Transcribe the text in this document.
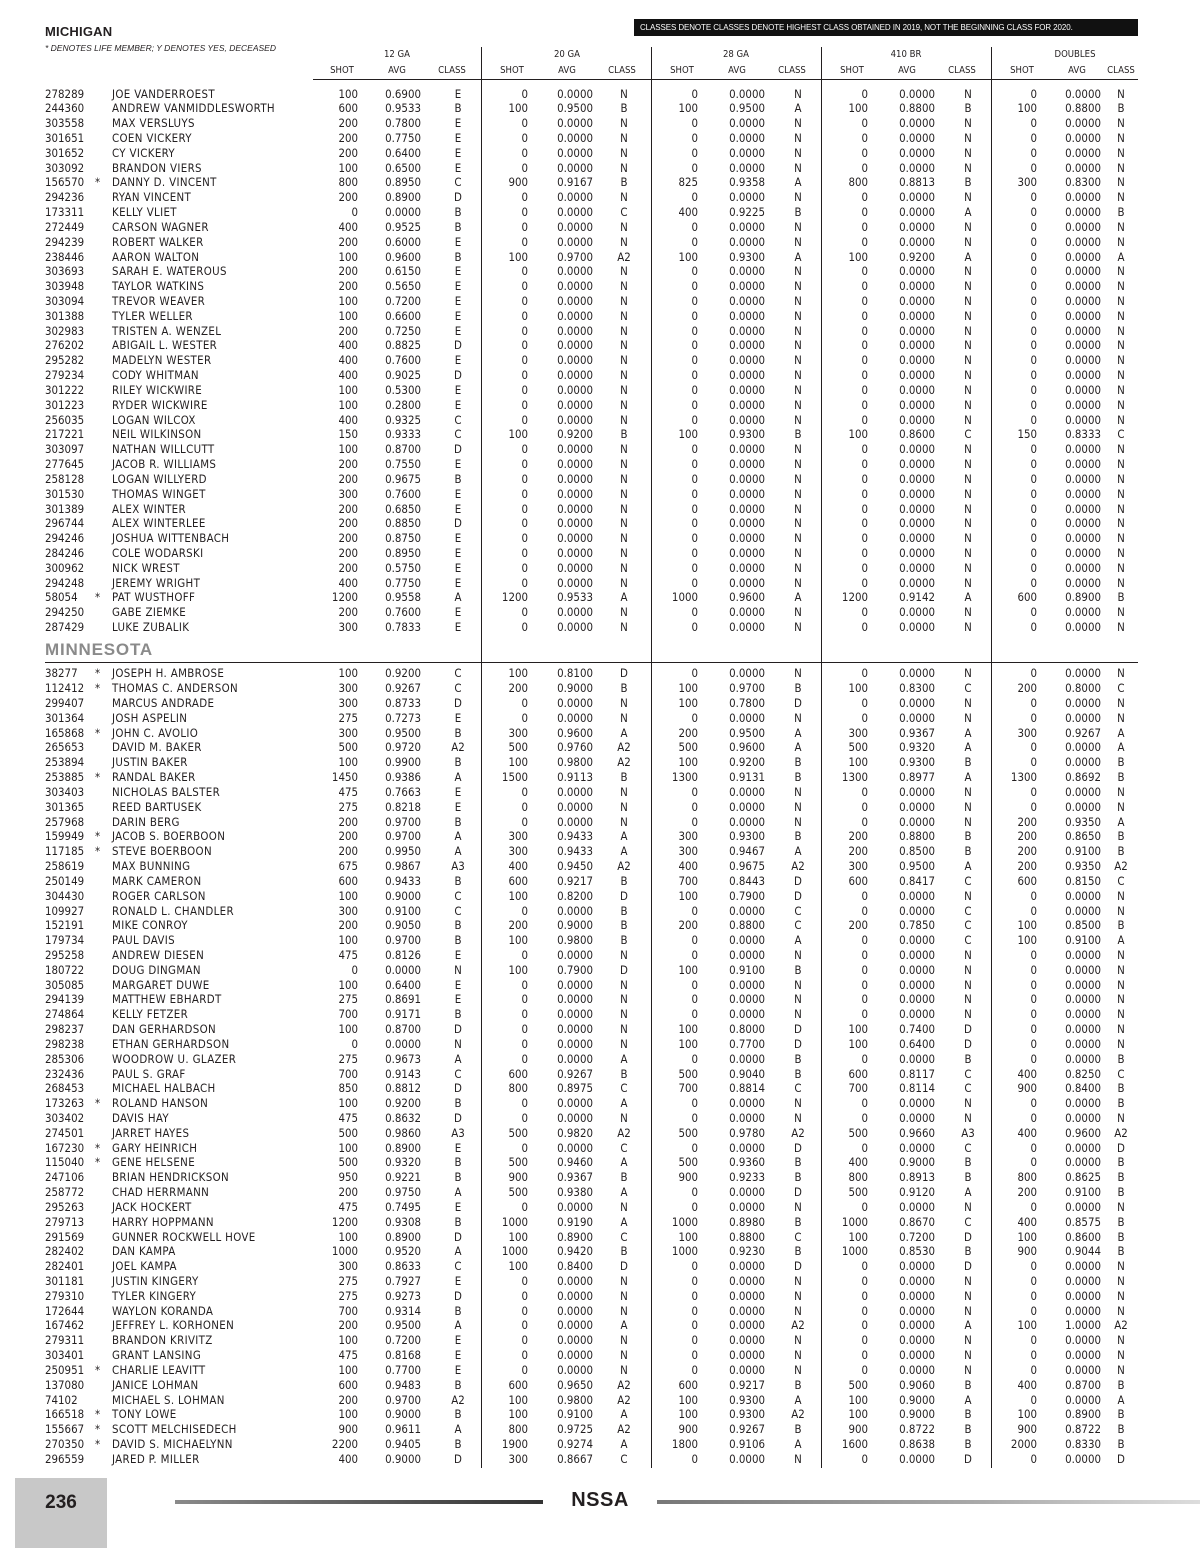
MICHIGAN
* DENOTES LIFE MEMBER; Y DENOTES YES, DECEASED
CLASSES DENOTE CLASSES DENOTE HIGHEST CLASS OBTAINED IN 2019, NOT THE BEGINNING CLASS FOR 2020.
12 GA	20 GA	28 GA	410 BR	DOUBLES
SHOT	AVG	CLASS	SHOT	AVG	CLASS	SHOT	AVG	CLASS	SHOT	AVG	CLASS	SHOT	AVG CLASS
278289 JOE VANDERROEST	100 0.6900	E	0	0.0000 N	0	0.0000	N	0	0.0000	N	0 0.0000 N
244360 ANDREW VANMIDDLESWORTH	600 0.9533	B	100	0.9500 B	100	0.9500	A	100	0.8800	B	100 0.8800 B
303558 MAX VERSLUYS	200 0.7800	E	0	0.0000 N	0	0.0000	N	0	0.0000	N	0 0.0000 N
301651 COEN VICKERY	200 0.7750	E	0	0.0000 N	0	0.0000	N	0	0.0000	N	0 0.0000 N
301652 CY VICKERY	200 0.6400	E	0	0.0000 N	0	0.0000	N	0	0.0000	N	0 0.0000 N
303092 BRANDON VIERS	100 0.6500	E	0	0.0000 N	0	0.0000	N	0	0.0000	N	0 0.0000 N
156570 * DANNY D. VINCENT	800 0.8950	C	900	0.9167 B	825	0.9358	A	800	0.8813	B	300 0.8300 N
294236 RYAN VINCENT	200 0.8900	D	0	0.0000 N	0	0.0000	N	0	0.0000	N	0 0.0000 N
173311 KELLY VLIET	0 0.0000	B	0	0.0000 C	400	0.9225	B	0	0.0000	A	0 0.0000 B
272449 CARSON WAGNER	400 0.9525	B	0	0.0000 N	0	0.0000	N	0	0.0000	N	0 0.0000 N
294239 ROBERT WALKER	200 0.6000	E	0	0.0000 N	0	0.0000	N	0	0.0000	N	0 0.0000 N
238446 AARON WALTON	100 0.9600	B	100	0.9700 A2	100	0.9300	A	100	0.9200	A	0 0.0000 A
303693 SARAH E. WATEROUS	200 0.6150	E	0	0.0000 N	0	0.0000	N	0	0.0000	N	0 0.0000 N
303948 TAYLOR WATKINS	200 0.5650	E	0	0.0000 N	0	0.0000	N	0	0.0000	N	0 0.0000 N
303094 TREVOR WEAVER	100 0.7200	E	0	0.0000 N	0	0.0000	N	0	0.0000	N	0 0.0000 N
301388 TYLER WELLER	100 0.6600	E	0	0.0000 N	0	0.0000	N	0	0.0000	N	0 0.0000 N
302983 TRISTEN A. WENZEL	200 0.7250	E	0	0.0000 N	0	0.0000	N	0	0.0000	N	0 0.0000 N
276202 ABIGAIL L. WESTER	400 0.8825	D	0	0.0000 N	0	0.0000	N	0	0.0000	N	0 0.0000 N
295282 MADELYN WESTER	400 0.7600	E	0	0.0000 N	0	0.0000	N	0	0.0000	N	0 0.0000 N
279234 CODY WHITMAN	400 0.9025	D	0	0.0000 N	0	0.0000	N	0	0.0000	N	0 0.0000 N
301222 RILEY WICKWIRE	100 0.5300	E	0	0.0000 N	0	0.0000	N	0	0.0000	N	0 0.0000 N
301223 RYDER WICKWIRE	100 0.2800	E	0	0.0000 N	0	0.0000	N	0	0.0000	N	0 0.0000 N
256035 LOGAN WILCOX	400 0.9325	C	0	0.0000 N	0	0.0000	N	0	0.0000	N	0 0.0000 N
217221 NEIL WILKINSON	150 0.9333	C	100	0.9200 B	100	0.9300	B	100	0.8600	C	150 0.8333 C
303097 NATHAN WILLCUTT	100 0.8700	D	0	0.0000 N	0	0.0000	N	0	0.0000	N	0 0.0000 N
277645 JACOB R. WILLIAMS	200 0.7550	E	0	0.0000 N	0	0.0000	N	0	0.0000	N	0 0.0000 N
258128 LOGAN WILLYERD	200 0.9675	B	0	0.0000 N	0	0.0000	N	0	0.0000	N	0 0.0000 N
301530 THOMAS WINGET	300 0.7600	E	0	0.0000 N	0	0.0000	N	0	0.0000	N	0 0.0000 N
301389 ALEX WINTER	200 0.6850	E	0	0.0000 N	0	0.0000	N	0	0.0000	N	0 0.0000 N
296744 ALEX WINTERLEE	200 0.8850	D	0	0.0000 N	0	0.0000	N	0	0.0000	N	0 0.0000 N
294246 JOSHUA WITTENBACH	200 0.8750	E	0	0.0000 N	0	0.0000	N	0	0.0000	N	0 0.0000 N
284246 COLE WODARSKI	200 0.8950	E	0	0.0000 N	0	0.0000	N	0	0.0000	N	0 0.0000 N
300962 NICK WREST	200 0.5750	E	0	0.0000 N	0	0.0000	N	0	0.0000	N	0 0.0000 N
294248 JEREMY WRIGHT	400 0.7750	E	0	0.0000 N	0	0.0000	N	0	0.0000	N	0 0.0000 N
58054 * PAT WUSTHOFF	1200 0.9558	A	1200	0.9533 A	1000	0.9600	A	1200	0.9142	A	600 0.8900 B
294250 GABE ZIEMKE	200 0.7600	E	0	0.0000 N	0	0.0000	N	0	0.0000	N	0 0.0000 N
287429 LUKE ZUBALIK	300 0.7833	E	0	0.0000 N	0	0.0000	N	0	0.0000	N	0 0.0000 N
MINNESOTA
38277 * JOSEPH H. AMBROSE	100 0.9200	C	100	0.8100 D	0	0.0000	N	0	0.0000	N	0 0.0000 N
112412 * THOMAS C. ANDERSON	300 0.9267	C	200	0.9000 B	100	0.9700	B	100	0.8300	C	200 0.8000 C
299407 MARCUS ANDRADE	300 0.8733	D	0	0.0000 N	100	0.7800	D	0	0.0000	N	0 0.0000 N
301364 JOSH ASPELIN	275 0.7273	E	0	0.0000 N	0	0.0000	N	0	0.0000	N	0 0.0000 N
165868 * JOHN C. AVOLIO	300 0.9500	B	300	0.9600 A	200	0.9500	A	300	0.9367	A	300 0.9267 A
265653 DAVID M. BAKER	500 0.9720	A2	500	0.9760 A2	500	0.9600	A	500	0.9320	A	0 0.0000 A
253894 JUSTIN BAKER	100 0.9900	B	100	0.9800 A2	100	0.9200	B	100	0.9300	B	0 0.0000 B
253885 * RANDAL BAKER	1450 0.9386	A	1500	0.9113 B	1300	0.9131	B	1300	0.8977	A	1300 0.8692 B
303403 NICHOLAS BALSTER	475 0.7663	E	0	0.0000 N	0	0.0000	N	0	0.0000	N	0 0.0000 N
301365 REED BARTUSEK	275 0.8218	E	0	0.0000 N	0	0.0000	N	0	0.0000	N	0 0.0000 N
257968 DARIN BERG	200 0.9700	B	0	0.0000 N	0	0.0000	N	0	0.0000	N	200 0.9350 A
159949 * JACOB S. BOERBOON	200 0.9700	A	300	0.9433 A	300	0.9300	B	200	0.8800	B	200 0.8650 B
117185 * STEVE BOERBOON	200 0.9950	A	300	0.9433 A	300	0.9467	A	200	0.8500	B	200 0.9100 B
258619 MAX BUNNING	675 0.9867	A3	400	0.9450 A2	400	0.9675 A2	300	0.9500	A	200 0.9350 A2
250149 MARK CAMERON	600 0.9433	B	600	0.9217 B	700	0.8443	D	600	0.8417	C	600 0.8150 C
304430 ROGER CARLSON	100 0.9000	C	100	0.8200 D	100	0.7900	D	0	0.0000	N	0 0.0000 N
109927 RONALD L. CHANDLER	300 0.9100	C	0	0.0000 B	0	0.0000	C	0	0.0000	C	0 0.0000 N
152191 MIKE CONROY	200 0.9050	B	200	0.9000 B	200	0.8800	C	200	0.7850	C	100 0.8500 B
179734 PAUL DAVIS	100 0.9700	B	100	0.9800 B	0	0.0000	A	0	0.0000	C	100 0.9100 A
295258 ANDREW DIESEN	475 0.8126	E	0	0.0000 N	0	0.0000	N	0	0.0000	N	0 0.0000 N
180722 DOUG DINGMAN	0 0.0000	N	100	0.7900 D	100	0.9100	B	0	0.0000	N	0 0.0000 N
305085 MARGARET DUWE	100 0.6400	E	0	0.0000 N	0	0.0000	N	0	0.0000	N	0 0.0000 N
294139 MATTHEW EBHARDT	275 0.8691	E	0	0.0000 N	0	0.0000	N	0	0.0000	N	0 0.0000 N
274864 KELLY FETZER	700 0.9171	B	0	0.0000 N	0	0.0000	N	0	0.0000	N	0 0.0000 N
298237 DAN GERHARDSON	100 0.8700	D	0	0.0000 N	100	0.8000	D	100	0.7400	D	0 0.0000 N
298238 ETHAN GERHARDSON	0 0.0000	N	0	0.0000 N	100	0.7700	D	100	0.6400	D	0 0.0000 N
285306 WOODROW U. GLAZER	275 0.9673	A	0	0.0000 A	0	0.0000	B	0	0.0000	B	0 0.0000 B
232436 PAUL S. GRAF	700 0.9143	C	600	0.9267 B	500	0.9040	B	600	0.8117	C	400 0.8250 C
268453 MICHAEL HALBACH	850 0.8812	D	800	0.8975 C	700	0.8814	C	700	0.8114	C	900 0.8400 B
173263 * ROLAND HANSON	100 0.9200	B	0	0.0000 A	0	0.0000	N	0	0.0000	N	0 0.0000 B
303402 DAVIS HAY	475 0.8632	D	0	0.0000 N	0	0.0000	N	0	0.0000	N	0 0.0000 N
274501 JARRET HAYES	500 0.9860	A3	500	0.9820 A2	500	0.9780 A2	500	0.9660 A3	400 0.9600 A2
167230 * GARY HEINRICH	100 0.8900	E	0	0.0000 C	0	0.0000	D	0	0.0000	C	0 0.0000 D
115040 * GENE HELSENE	500 0.9320	B	500	0.9460 A	500	0.9360	B	400	0.9000	B	0 0.0000 B
247106 BRIAN HENDRICKSON	950 0.9221	B	900	0.9367 B	900	0.9233	B	800	0.8913	B	800 0.8625 B
258772 CHAD HERRMANN	200 0.9750	A	500	0.9380 A	0	0.0000	D	500	0.9120	A	200 0.9100 B
295263 JACK HOCKERT	475 0.7495	E	0	0.0000 N	0	0.0000	N	0	0.0000	N	0 0.0000 N
279713 HARRY HOPPMANN	1200 0.9308	B	1000	0.9190 A	1000	0.8980	B	1000	0.8670	C	400 0.8575 B
291569 GUNNER ROCKWELL HOVE	100 0.8900	D	100	0.8900 C	100	0.8800	C	100	0.7200	D	100 0.8600 B
282402 DAN KAMPA	1000 0.9520	A	1000	0.9420 B	1000	0.9230	B	1000	0.8530	B	900 0.9044 B
282401 JOEL KAMPA	300 0.8633	C	100	0.8400 D	0	0.0000	D	0	0.0000	D	0 0.0000 N
301181 JUSTIN KINGERY	275 0.7927	E	0	0.0000 N	0	0.0000	N	0	0.0000	N	0 0.0000 N
279310 TYLER KINGERY	275 0.9273	D	0	0.0000 N	0	0.0000	N	0	0.0000	N	0 0.0000 N
172644 WAYLON KORANDA	700 0.9314	B	0	0.0000 N	0	0.0000	N	0	0.0000	N	0 0.0000 N
167462 JEFFREY L. KORHONEN	200 0.9500	A	0	0.0000 A	0	0.0000 A2	0	0.0000	A	100 1.0000 A2
279311 BRANDON KRIVITZ	100 0.7200	E	0	0.0000 N	0	0.0000	N	0	0.0000	N	0 0.0000 N
303401 GRANT LANSING	475 0.8168	E	0	0.0000 N	0	0.0000	N	0	0.0000	N	0 0.0000 N
250951 * CHARLIE LEAVITT	100 0.7700	E	0	0.0000 N	0	0.0000	N	0	0.0000	N	0 0.0000 N
137080 JANICE LOHMAN	600 0.9483	B	600	0.9650 A2	600	0.9217	B	500	0.9060	B	400 0.8700 B
74102	MICHAEL S. LOHMAN	200 0.9700	A2	100	0.9800 A2	100	0.9300	A	100	0.9000	A	0 0.0000 A
166518 * TONY LOWE	100 0.9000	B	100	0.9100 A	100	0.9300 A2	100	0.9000	B	100 0.8900 B
155667 * SCOTT MELCHISEDECH	900 0.9611	A	800	0.9725 A2	900	0.9267	B	900	0.8722	B	900 0.8722 B
270350 * DAVID S. MICHAELYNN	2200 0.9405	B	1900	0.9274 A	1800	0.9106	A	1600	0.8638	B	2000 0.8330 B
296559 JARED P. MILLER	400 0.9000	D	300	0.8667 C	0	0.0000	N	0	0.0000	D	0 0.0000 D
236	NSSA
